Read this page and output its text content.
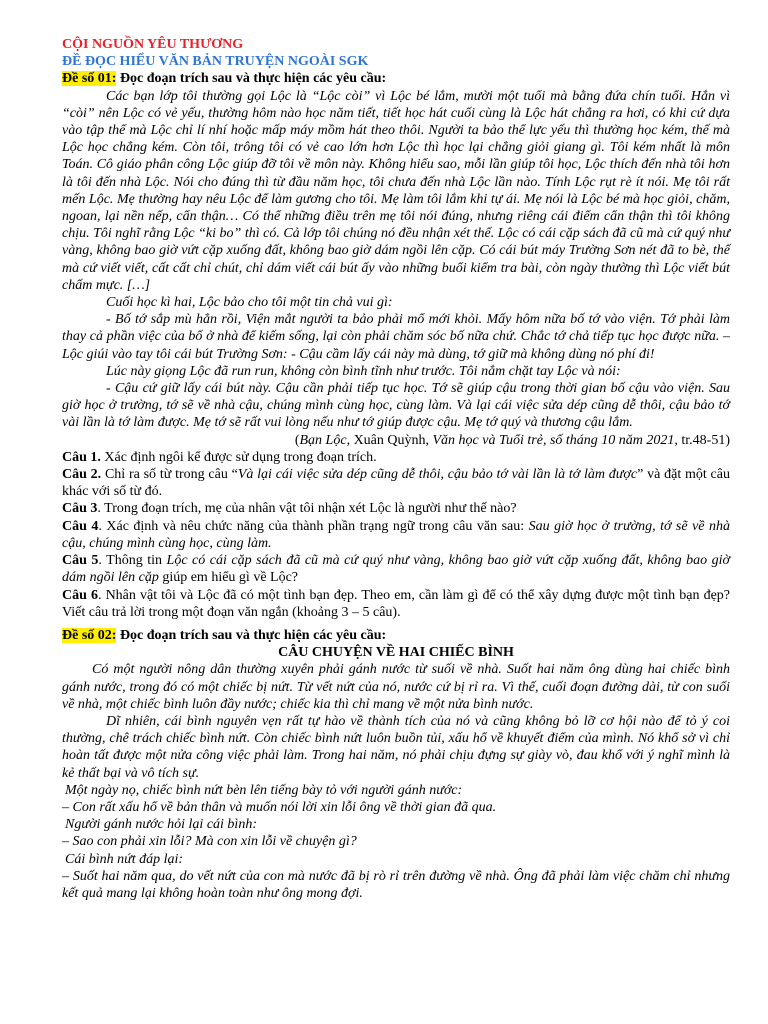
CỘI NGUỒN YÊU THƯƠNG
ĐỀ ĐỌC HIỂU VĂN BẢN TRUYỆN NGOÀI SGK
Đề số 01: Đọc đoạn trích sau và thực hiện các yêu cầu:

Các bạn lớp tôi thường gọi Lộc là “Lộc còi” vì Lộc bé lắm, mười một tuổi mà bằng đứa chín tuổi. Hắn vì “còi” nên Lộc có vẻ yếu, thường hôm nào học năm tiết, tiết học hát cuối cùng là Lộc hát chẳng ra hơi, có khi cứ dựa vào tập thể mà Lộc chỉ lí nhí hoặc mấp máy mồm hát theo thôi. Người ta bảo thể lực yếu thì thường học kém, thế mà Lộc học chẳng kém. Còn tôi, trông tôi có vẻ cao lớn hơn Lộc thì học lại chẳng giỏi giang gì. Tôi kém nhất là môn Toán. Cô giáo phân công Lộc giúp đỡ tôi về môn này. Không hiểu sao, mỗi lần giúp tôi học, Lộc thích đến nhà tôi hơn là tôi đến nhà Lộc. Nói cho đúng thì từ đầu năm học, tôi chưa đến nhà Lộc lần nào. Tính Lộc rụt rè ít nói. Mẹ tôi rất mến Lộc. Mẹ thường hay nêu Lộc để làm gương cho tôi. Mẹ làm tôi lắm khi tự ái. Mẹ nói là Lộc bé mà học giỏi, chăm, ngoan, lại nền nếp, cẩn thận… Có thể những điều trên mẹ tôi nói đúng, nhưng riêng cái điểm cẩn thận thì tôi không chịu. Tôi nghĩ rằng Lộc “ki bo” thì có. Cả lớp tôi chúng nó đều nhận xét thế. Lộc có cái cặp sách đã cũ mà cứ quý như vàng, không bao giờ vứt cặp xuống đất, không bao giờ dám ngồi lên cặp. Có cái bút máy Trường Sơn nét đã to bè, thế mà cứ viết viết, cất cất chỉ chút, chỉ dám viết cái bút ấy vào những buổi kiểm tra bài, còn ngày thường thì Lộc viết bút chấm mực. […]

Cuối học kì hai, Lộc bảo cho tôi một tin chả vui gì:

- Bố tớ sắp mù hẳn rồi, Viện mắt người ta bảo phải mổ mới khỏi. Mấy hôm nữa bố tớ vào viện. Tớ phải làm thay cả phần việc của bố ở nhà để kiếm sống, lại còn phải chăm sóc bố nữa chứ. Chắc tớ chả tiếp tục học được nữa. – Lộc giúi vào tay tôi cái bút Trường Sơn: - Cậu cầm lấy cái này mà dùng, tớ giữ mà không dùng nó phí đi!

Lúc này giọng Lộc đã run run, không còn bình tĩnh như trước. Tôi nắm chặt tay Lộc và nói:

- Cậu cứ giữ lấy cái bút này. Cậu cần phải tiếp tục học. Tớ sẽ giúp cậu trong thời gian bố cậu vào viện. Sau giờ học ở trường, tớ sẽ về nhà cậu, chúng mình cùng học, cùng làm. Và lại cái việc sửa dép cũng dễ thôi, cậu bảo tớ vài lần là tớ làm được. Mẹ tớ sẽ rất vui lòng nếu như tớ giúp được cậu. Mẹ tớ quý và thương cậu lắm.

(Bạn Lộc, Xuân Quỳnh, Văn học và Tuổi trẻ, số tháng 10 năm 2021, tr.48-51)

Câu 1. Xác định ngôi kể được sử dụng trong đoạn trích.

Câu 2. Chỉ ra số từ trong câu “Và lại cái việc sửa dép cũng dễ thôi, cậu bảo tớ vài lần là tớ làm được” và đặt một câu khác với số từ đó.

Câu 3. Trong đoạn trích, mẹ của nhân vật tôi nhận xét Lộc là người như thế nào?

Câu 4. Xác định và nêu chức năng của thành phần trạng ngữ trong câu văn sau: Sau giờ học ở trường, tớ sẽ về nhà cậu, chúng mình cùng học, cùng làm.

Câu 5. Thông tin Lộc có cái cặp sách đã cũ mà cứ quý như vàng, không bao giờ vứt cặp xuống đất, không bao giờ dám ngồi lên cặp giúp em hiểu gì về Lộc?

Câu 6. Nhân vật tôi và Lộc đã có một tình bạn đẹp. Theo em, cần làm gì để có thể xây dựng được một tình bạn đẹp? Viết câu trả lời trong một đoạn văn ngắn (khoảng 3 – 5 câu).

Đề số 02: Đọc đoạn trích sau và thực hiện các yêu cầu:
CÂU CHUYỆN VỀ HAI CHIẾC BÌNH

Có một người nông dân thường xuyên phải gánh nước từ suối về nhà. Suốt hai năm ông dùng hai chiếc bình gánh nước, trong đó có một chiếc bị nứt. Từ vết nứt của nó, nước cứ bị rỉ ra. Vì thế, cuối đoạn đường dài, từ con suối về nhà, một chiếc bình luôn đầy nước; chiếc kia thì chỉ mang về một nửa bình nước.

Dĩ nhiên, cái bình nguyên vẹn rất tự hào về thành tích của nó và cũng không bỏ lỡ cơ hội nào để tỏ ý coi thường, chê trách chiếc bình nứt. Còn chiếc bình nứt luôn buồn tủi, xấu hổ về khuyết điểm của mình. Nó khổ sở vì chỉ hoàn tất được một nửa công việc phải làm. Trong hai năm, nó phải chịu đựng sự giày vò, đau khổ với ý nghĩ mình là kẻ thất bại và vô tích sự.

Một ngày nọ, chiếc bình nứt bèn lên tiếng bày tỏ với người gánh nước:

– Con rất xấu hổ về bản thân và muốn nói lời xin lỗi ông về thời gian đã qua.

Người gánh nước hỏi lại cái bình:

– Sao con phải xin lỗi? Mà con xin lỗi về chuyện gì?

Cái bình nứt đáp lại:

– Suốt hai năm qua, do vết nứt của con mà nước đã bị rò rỉ trên đường về nhà. Ông đã phải làm việc chăm chỉ nhưng kết quả mang lại không hoàn toàn như ông mong đợi.
